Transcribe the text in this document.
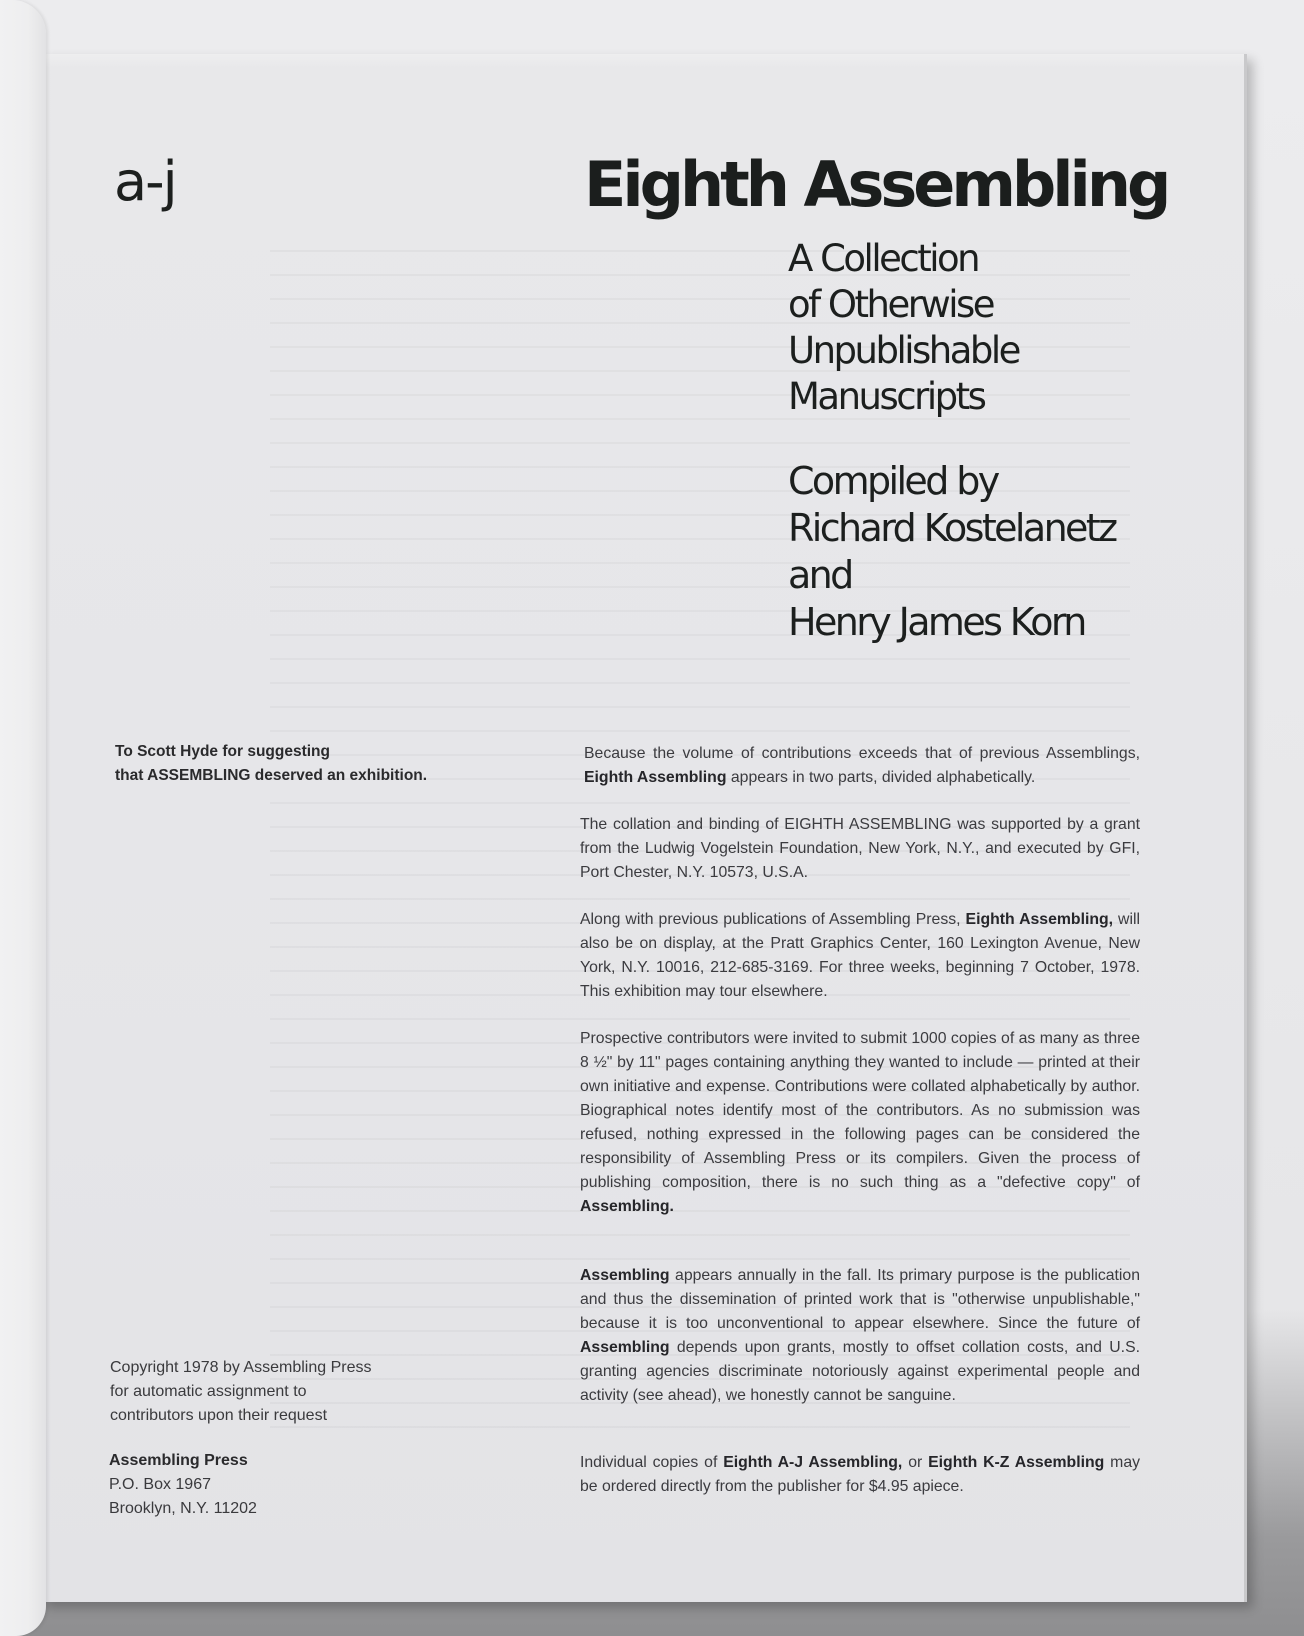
a-j	Eighth Assembling
A Collection
of Otherwise
Unpublishable
Manuscripts
Compiled by
Richard Kostelanetz
and
Henry James Korn
To Scott Hyde for suggesting
that ASSEMBLING deserved an exhibition.
Copyright 1978 by Assembling Press
for automatic assignment to
contributors upon their request
Assembling Press
P.O. Box 1967
Brooklyn, N.Y. 11202

Because the volume of contributions exceeds that of previous Assemblings, Eighth Assembling appears in two parts, divided alphabetically.

The collation and binding of EIGHTH ASSEMBLING was supported by a grant from the Ludwig Vogelstein Foundation, New York, N.Y., and executed by GFI, Port Chester, N.Y. 10573, U.S.A.

Along with previous publications of Assembling Press, Eighth Assembling, will also be on display, at the Pratt Graphics Center, 160 Lexington Avenue, New York, N.Y. 10016, 212-685-3169. For three weeks, beginning 7 October, 1978. This exhibition may tour elsewhere.

Prospective contributors were invited to submit 1000 copies of as many as three 8 ½" by 11" pages containing anything they wanted to include — printed at their own initiative and expense. Contributions were collated alphabetically by author. Biographical notes identify most of the contributors. As no submission was refused, nothing expressed in the following pages can be considered the responsibility of Assembling Press or its compilers. Given the process of publishing composition, there is no such thing as a "defective copy" of Assembling.

Assembling appears annually in the fall. Its primary purpose is the publication and thus the dissemination of printed work that is "otherwise unpublishable," because it is too unconventional to appear elsewhere. Since the future of Assembling depends upon grants, mostly to offset collation costs, and U.S. granting agencies discriminate notoriously against experimental people and activity (see ahead), we honestly cannot be sanguine.

Individual copies of Eighth A-J Assembling, or Eighth K-Z Assembling may be ordered directly from the publisher for $4.95 apiece.
